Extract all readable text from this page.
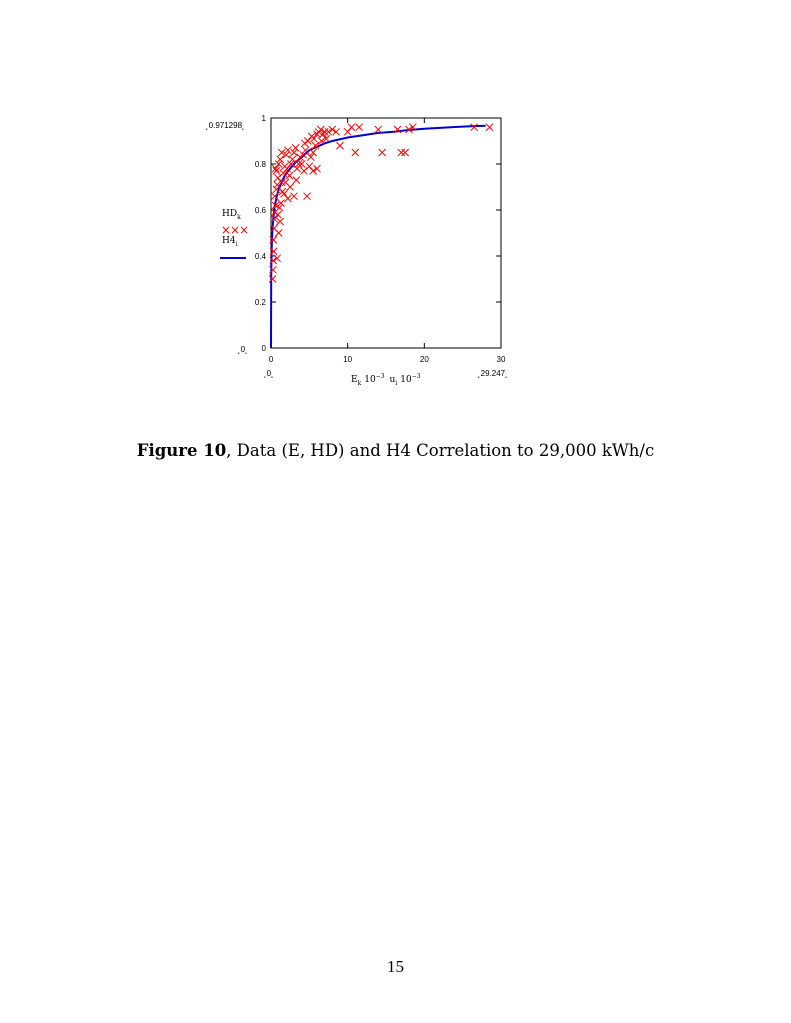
0
0.2
0.4
0.6
0.8
1
0	10	20	30
˛0.971298˛
˛0˛
˛0˛	˛29.247˛
$E_k$ $10^{-3}$ $u_i$ $10^{-3}$
$HD_k$
×××
$H4_i$
Figure 10, Data (E, HD) and H4 Correlation to 29,000 kWh/c
15
